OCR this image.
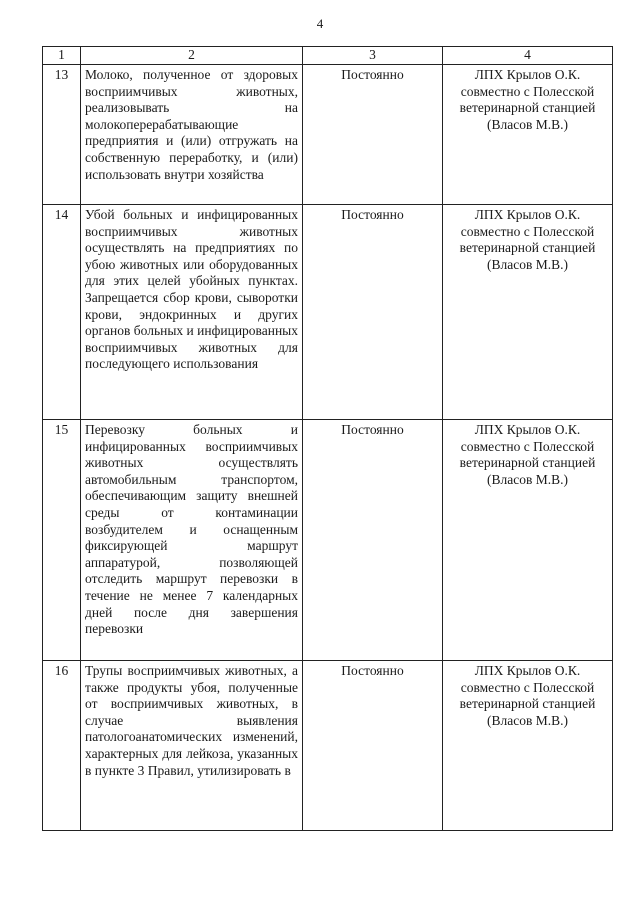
4
1	2	3	4
13	Молоко, полученное от здоровых восприимчивых животных, реализовывать на молокоперерабатывающие предприятия и (или) отгружать на собственную переработку, и (или) использовать внутри хозяйства	Постоянно	ЛПХ Крылов О.К. совместно с Полесской ветеринарной станцией (Власов М.В.)
14	Убой больных и инфицированных восприимчивых животных осуществлять на предприятиях по убою животных или оборудованных для этих целей убойных пунктах. Запрещается сбор крови, сыворотки крови, эндокринных и других органов больных и инфицированных восприимчивых животных для последующего использования	Постоянно	ЛПХ Крылов О.К. совместно с Полесской ветеринарной станцией (Власов М.В.)
15	Перевозку больных и инфицированных восприимчивых животных осуществлять автомобильным транспортом, обеспечивающим защиту внешней среды от контаминации возбудителем и оснащенным фиксирующей маршрут аппаратурой, позволяющей отследить маршрут перевозки в течение не менее 7 календарных дней после дня завершения перевозки	Постоянно	ЛПХ Крылов О.К. совместно с Полесской ветеринарной станцией (Власов М.В.)
16	Трупы восприимчивых животных, а также продукты убоя, полученные от восприимчивых животных, в случае выявления патологоанатомических изменений, характерных для лейкоза, указанных в пункте 3 Правил, утилизировать в	Постоянно	ЛПХ Крылов О.К. совместно с Полесской ветеринарной станцией (Власов М.В.)
